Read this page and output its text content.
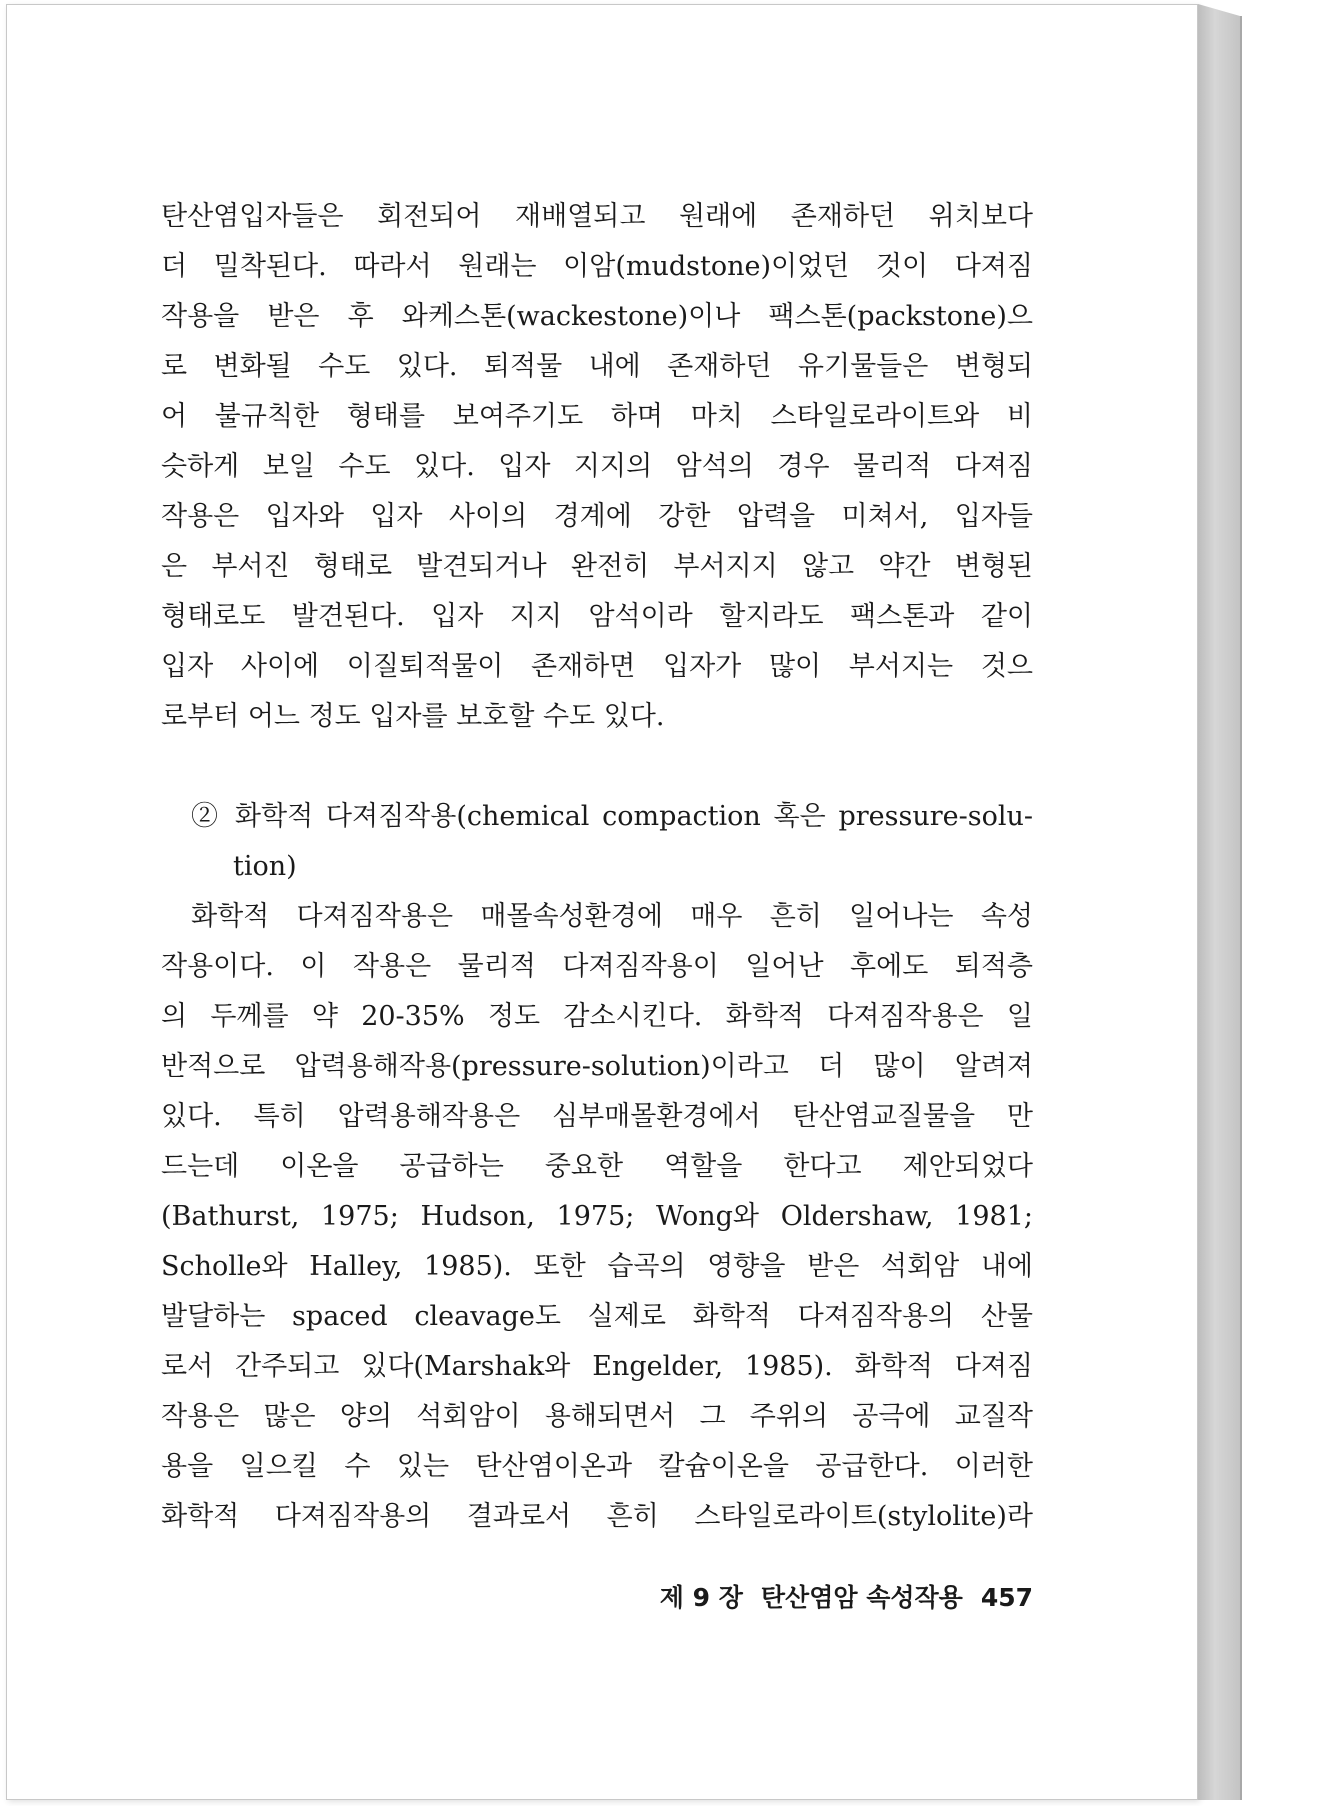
탄산염입자들은 회전되어 재배열되고 원래에 존재하던 위치보다
더 밀착된다. 따라서 원래는 이암(mudstone)이었던 것이 다져짐
작용을 받은 후 와케스톤(wackestone)이나 팩스톤(packstone)으
로 변화될 수도 있다. 퇴적물 내에 존재하던 유기물들은 변형되
어 불규칙한 형태를 보여주기도 하며 마치 스타일로라이트와 비
슷하게 보일 수도 있다. 입자 지지의 암석의 경우 물리적 다져짐
작용은 입자와 입자 사이의 경계에 강한 압력을 미쳐서, 입자들
은 부서진 형태로 발견되거나 완전히 부서지지 않고 약간 변형된
형태로도 발견된다. 입자 지지 암석이라 할지라도 팩스톤과 같이
입자 사이에 이질퇴적물이 존재하면 입자가 많이 부서지는 것으
로부터 어느 정도 입자를 보호할 수도 있다.
② 화학적 다져짐작용(chemical compaction 혹은 pressure-solu-
tion)
화학적 다져짐작용은 매몰속성환경에 매우 흔히 일어나는 속성
작용이다. 이 작용은 물리적 다져짐작용이 일어난 후에도 퇴적층
의 두께를 약 20-35% 정도 감소시킨다. 화학적 다져짐작용은 일
반적으로 압력용해작용(pressure-solution)이라고 더 많이 알려져
있다. 특히 압력용해작용은 심부매몰환경에서 탄산염교질물을 만
드는데 이온을 공급하는 중요한 역할을 한다고 제안되었다
(Bathurst, 1975; Hudson, 1975; Wong와 Oldershaw, 1981;
Scholle와 Halley, 1985). 또한 습곡의 영향을 받은 석회암 내에
발달하는 spaced cleavage도 실제로 화학적 다져짐작용의 산물
로서 간주되고 있다(Marshak와 Engelder, 1985). 화학적 다져짐
작용은 많은 양의 석회암이 용해되면서 그 주위의 공극에 교질작
용을 일으킬 수 있는 탄산염이온과 칼슘이온을 공급한다. 이러한
화학적 다져짐작용의 결과로서 흔히 스타일로라이트(stylolite)라
제 9 장 탄산염암 속성작용 457
